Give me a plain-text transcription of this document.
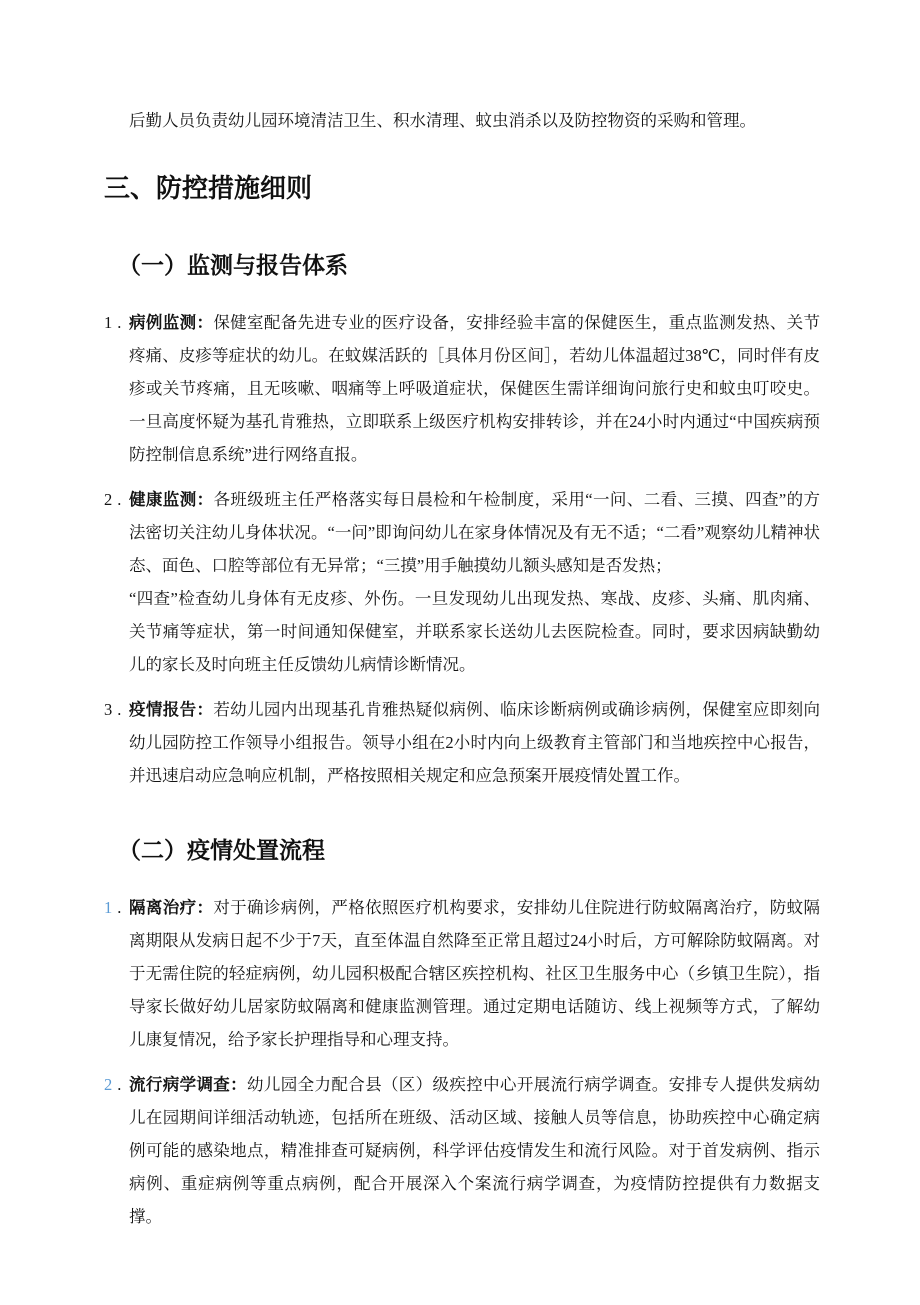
后勤人员负责幼儿园环境清洁卫生、积水清理、蚊虫消杀以及防控物资的采购和管理。

三、防控措施细则
（一）监测与报告体系
1 . 病例监测：保健室配备先进专业的医疗设备，安排经验丰富的保健医生，重点监测发热、关节疼痛、皮疹等症状的幼儿。在蚊媒活跃的［具体月份区间］，若幼儿体温超过38℃，同时伴有皮疹或关节疼痛，且无咳嗽、咽痛等上呼吸道症状，保健医生需详细询问旅行史和蚊虫叮咬史。一旦高度怀疑为基孔肯雅热，立即联系上级医疗机构安排转诊，并在24小时内通过“中国疾病预防控制信息系统”进行网络直报。
2 . 健康监测：各班级班主任严格落实每日晨检和午检制度，采用“一问、二看、三摸、四查”的方法密切关注幼儿身体状况。“一问”即询问幼儿在家身体情况及有无不适；“二看”观察幼儿精神状态、面色、口腔等部位有无异常；“三摸”用手触摸幼儿额头感知是否发热；
“四查”检查幼儿身体有无皮疹、外伤。一旦发现幼儿出现发热、寒战、皮疹、头痛、肌肉痛、关节痛等症状，第一时间通知保健室，并联系家长送幼儿去医院检查。同时，要求因病缺勤幼儿的家长及时向班主任反馈幼儿病情诊断情况。
3 . 疫情报告：若幼儿园内出现基孔肯雅热疑似病例、临床诊断病例或确诊病例，保健室应即刻向幼儿园防控工作领导小组报告。领导小组在2小时内向上级教育主管部门和当地疾控中心报告，并迅速启动应急响应机制，严格按照相关规定和应急预案开展疫情处置工作。
（二）疫情处置流程
1 . 隔离治疗：对于确诊病例，严格依照医疗机构要求，安排幼儿住院进行防蚊隔离治疗，防蚊隔离期限从发病日起不少于7天，直至体温自然降至正常且超过24小时后，方可解除防蚊隔离。对于无需住院的轻症病例，幼儿园积极配合辖区疾控机构、社区卫生服务中心（乡镇卫生院），指导家长做好幼儿居家防蚊隔离和健康监测管理。通过定期电话随访、线上视频等方式，了解幼儿康复情况，给予家长护理指导和心理支持。
2 . 流行病学调查：幼儿园全力配合县（区）级疾控中心开展流行病学调查。安排专人提供发病幼儿在园期间详细活动轨迹，包括所在班级、活动区域、接触人员等信息，协助疾控中心确定病例可能的感染地点，精准排查可疑病例，科学评估疫情发生和流行风险。对于首发病例、指示病例、重症病例等重点病例，配合开展深入个案流行病学调查，为疫情防控提供有力数据支撑。
